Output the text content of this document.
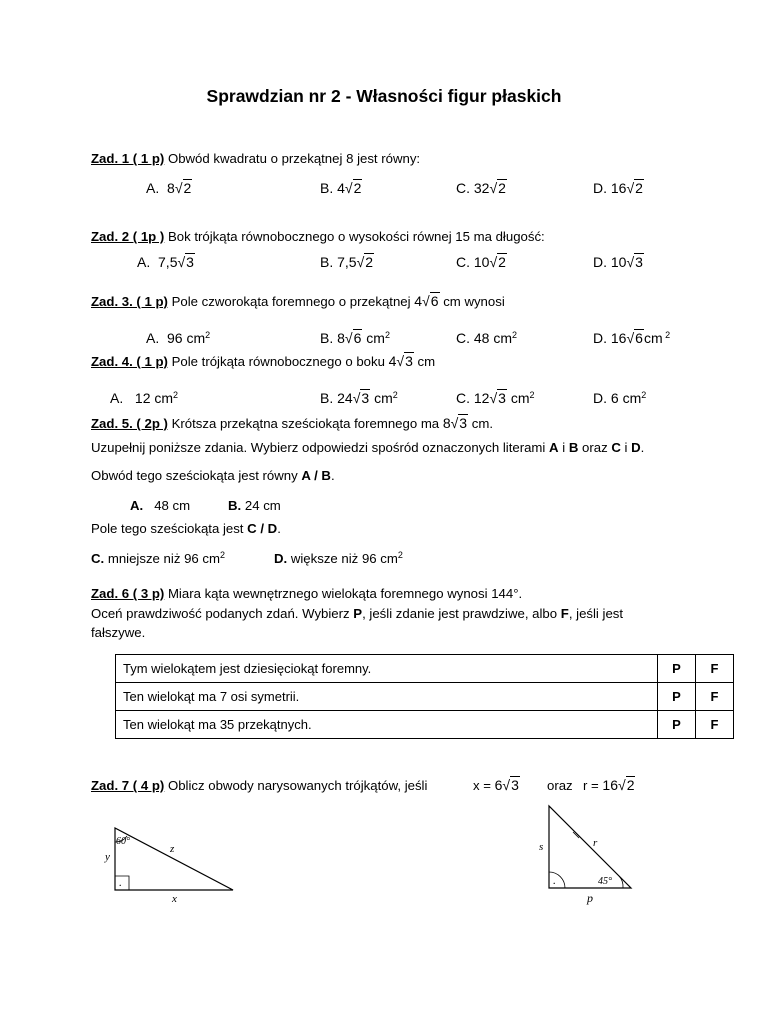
Sprawdzian nr 2 - Własności figur płaskich
Zad. 1 ( 1 p) Obwód kwadratu o przekątnej 8 jest równy:
A. 8√2	B. 4√2	C. 32√2	D. 16√2
Zad. 2 ( 1p ) Bok trójkąta równobocznego o wysokości równej 15 ma długość:
A. 7,5√3	B. 7,5√2	C. 10√2	D. 10√3
Zad. 3. ( 1 p) Pole czworokąta foremnego o przekątnej 4√6 cm wynosi
A. 96 $cm^2$	B. 8√6 $cm^2$	C. 48 $cm^2$	D. 16√6cm $^2$
Zad. 4. ( 1 p) Pole trójkąta równobocznego o boku 4√3 cm
A. 12 $cm^2$	B. 24√3 $cm^2$	C. 12√3 $cm^2$	D. 6 $cm^2$
Zad. 5. ( 2p ) Krótsza przekątna sześciokąta foremnego ma 8√3 cm.
Uzupełnij poniższe zdania. Wybierz odpowiedzi spośród oznaczonych literami A i B oraz C i D.
Obwód tego sześciokąta jest równy A / B.
A. 48 cm	B. 24 cm
Pole tego sześciokąta jest C / D.
C. mniejsze niż 96 $cm^2$	D. większe niż 96 $cm^2$
Zad. 6 ( 3 p) Miara kąta wewnętrznego wielokąta foremnego wynosi 144°.
Oceń prawdziwość podanych zdań. Wybierz P, jeśli zdanie jest prawdziwe, albo F, jeśli jest
fałszywe.
Tym wielokątem jest dziesięciokąt foremny.	P	F
Ten wielokąt ma 7 osi symetrii.	P	F
Ten wielokąt ma 35 przekątnych.	P	F
Zad. 7 ( 4 p) Oblicz obwody narysowanych trójkątów, jeśli	x = 6√3 oraz r = 16√2
60°
y
z
x
.
s	r
p
45°
.
